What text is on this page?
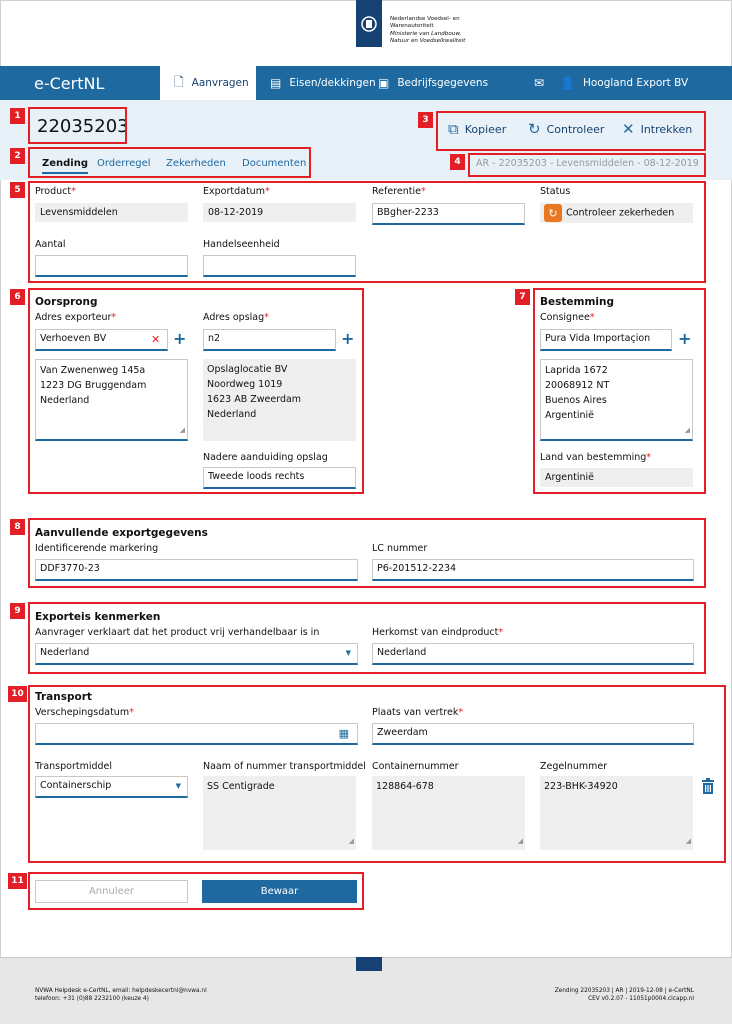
Nederlandse Voedsel- en
Warenautoriteit
Ministerie van Landbouw,
Natuur en Voedselkwaliteit
e-CertNL	🗋 Aanvragen ▤ Eisen/dekkingen ▣ Bedrijfsgegevens	✉ 👤 Hoogland Export BV
22035203	⧉ Kopieer ↻ Controleer ✕ Intrekken
Zending Orderregel Zekerheden Documenten	AR - 22035203 - Levensmiddelen - 08-12-2019
Product*
Levensmiddelen
Exportdatum*
08-12-2019
Referentie*
BBgher-2233
Status
↻ Controleer zekerheden
Aantal	Handelseenheid
Oorsprong
Adres exporteur*
Verhoeven BV	✕ +
Van Zwenenweg 145a
1223 DG Bruggendam
Nederland
◢
Adres opslag*
n2	+
Opslaglocatie BV
Noordweg 1019
1623 AB Zweerdam
Nederland
Nadere aanduiding opslag
Tweede loods rechts
Bestemming
Consignee*
Pura Vida Importaçion	+
Laprida 1672
20068912 NT
Buenos Aires
Argentinië
◢
Land van bestemming*
Argentinië
Aanvullende exportgegevens
Identificerende markering
DDF3770-23
LC nummer
P6-201512-2234
Exporteis kenmerken
Aanvrager verklaart dat het product vrij verhandelbaar is in
Nederland	▼
Herkomst van eindproduct*
Nederland
Transport
Verschepingsdatum*
▦
Plaats van vertrek*
Zweerdam
Transportmiddel
Containerschip	▼
Naam of nummer transportmiddel
SS Centigrade
◢
Containernummer
128864-678
◢
Zegelnummer
223-BHK-34920
◢
Annuleer	Bewaar
1
2
3
4
5
6	7
8
9
10
11
NVWA Helpdesk e-CertNL, email: helpdeskecertnl@nvwa.nl
telefoon: +31 (0)88 2232100 (keuze 4)
Zending 22035203 | AR | 2019-12-08 | e-CertNL
CEV v0.2.07 - 11051p0004.cicapp.nl
